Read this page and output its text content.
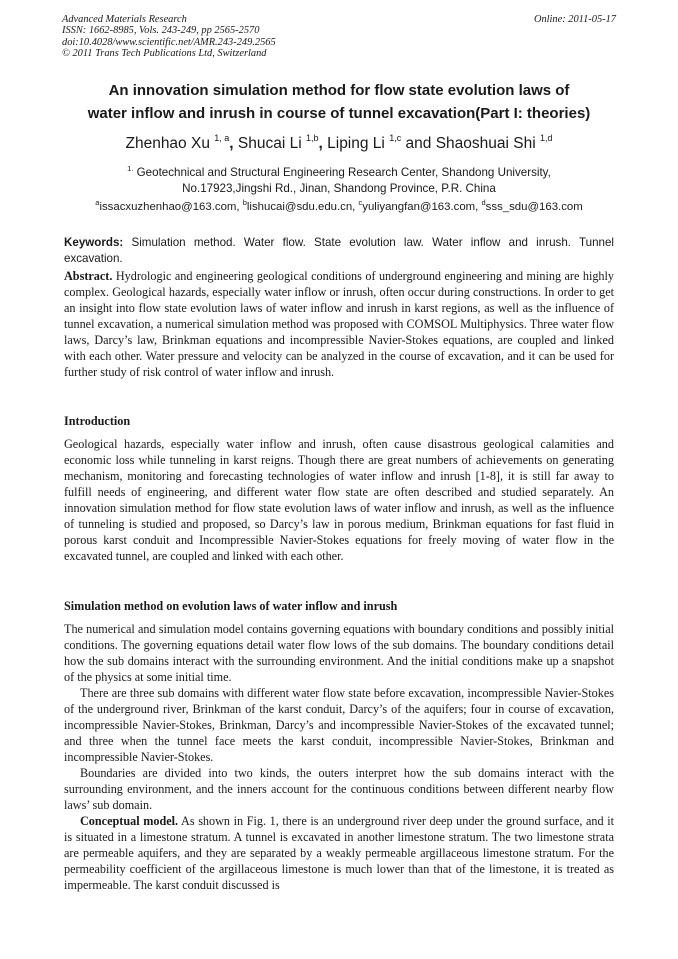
Advanced Materials Research
ISSN: 1662-8985, Vols. 243-249, pp 2565-2570
doi:10.4028/www.scientific.net/AMR.243-249.2565
© 2011 Trans Tech Publications Ltd, Switzerland
Online: 2011-05-17
An innovation simulation method for flow state evolution laws of
water inflow and inrush in course of tunnel excavation(Part I: theories)
Zhenhao Xu $^{1, a}$, Shucai Li $^{1,b}$, Liping Li $^{1,c}$ and Shaoshuai Shi $^{1,d}$
$^{1.}$ Geotechnical and Structural Engineering Research Center, Shandong University,
No.17923,Jingshi Rd., Jinan, Shandong Province, P.R. China
$^a$issacxuzhenhao@163.com, $^b$lishucai@sdu.edu.cn, $^c$yuliyangfan@163.com, $^d$sss_sdu@163.com
Keywords: Simulation method. Water flow. State evolution law. Water inflow and inrush. Tunnel excavation.
Abstract. Hydrologic and engineering geological conditions of underground engineering and mining are highly complex. Geological hazards, especially water inflow or inrush, often occur during constructions. In order to get an insight into flow state evolution laws of water inflow and inrush in karst regions, as well as the influence of tunnel excavation, a numerical simulation method was proposed with COMSOL Multiphysics. Three water flow laws, Darcy’s law, Brinkman equations and incompressible Navier-Stokes equations, are coupled and linked with each other. Water pressure and velocity can be analyzed in the course of excavation, and it can be used for further study of risk control of water inflow and inrush.
Introduction
Geological hazards, especially water inflow and inrush, often cause disastrous geological calamities and economic loss while tunneling in karst reigns. Though there are great numbers of achievements on generating mechanism, monitoring and forecasting technologies of water inflow and inrush [1-8], it is still far away to fulfill needs of engineering, and different water flow state are often described and studied separately. An innovation simulation method for flow state evolution laws of water inflow and inrush, as well as the influence of tunneling is studied and proposed, so Darcy’s law in porous medium, Brinkman equations for fast fluid in porous karst conduit and Incompressible Navier-Stokes equations for freely moving of water flow in the excavated tunnel, are coupled and linked with each other.
Simulation method on evolution laws of water inflow and inrush

The numerical and simulation model contains governing equations with boundary conditions and possibly initial conditions. The governing equations detail water flow lows of the sub domains. The boundary conditions detail how the sub domains interact with the surrounding environment. And the initial conditions make up a snapshot of the physics at some initial time.

There are three sub domains with different water flow state before excavation, incompressible Navier-Stokes of the underground river, Brinkman of the karst conduit, Darcy’s of the aquifers; four in course of excavation, incompressible Navier-Stokes, Brinkman, Darcy’s and incompressible Navier-Stokes of the excavated tunnel; and three when the tunnel face meets the karst conduit, incompressible Navier-Stokes, Brinkman and incompressible Navier-Stokes.

Boundaries are divided into two kinds, the outers interpret how the sub domains interact with the surrounding environment, and the inners account for the continuous conditions between different nearby flow laws’ sub domain.

Conceptual model. As shown in Fig. 1, there is an underground river deep under the ground surface, and it is situated in a limestone stratum. A tunnel is excavated in another limestone stratum. The two limestone strata are permeable aquifers, and they are separated by a weakly permeable argillaceous limestone stratum. For the permeability coefficient of the argillaceous limestone is much lower than that of the limestone, it is treated as impermeable. The karst conduit discussed is
